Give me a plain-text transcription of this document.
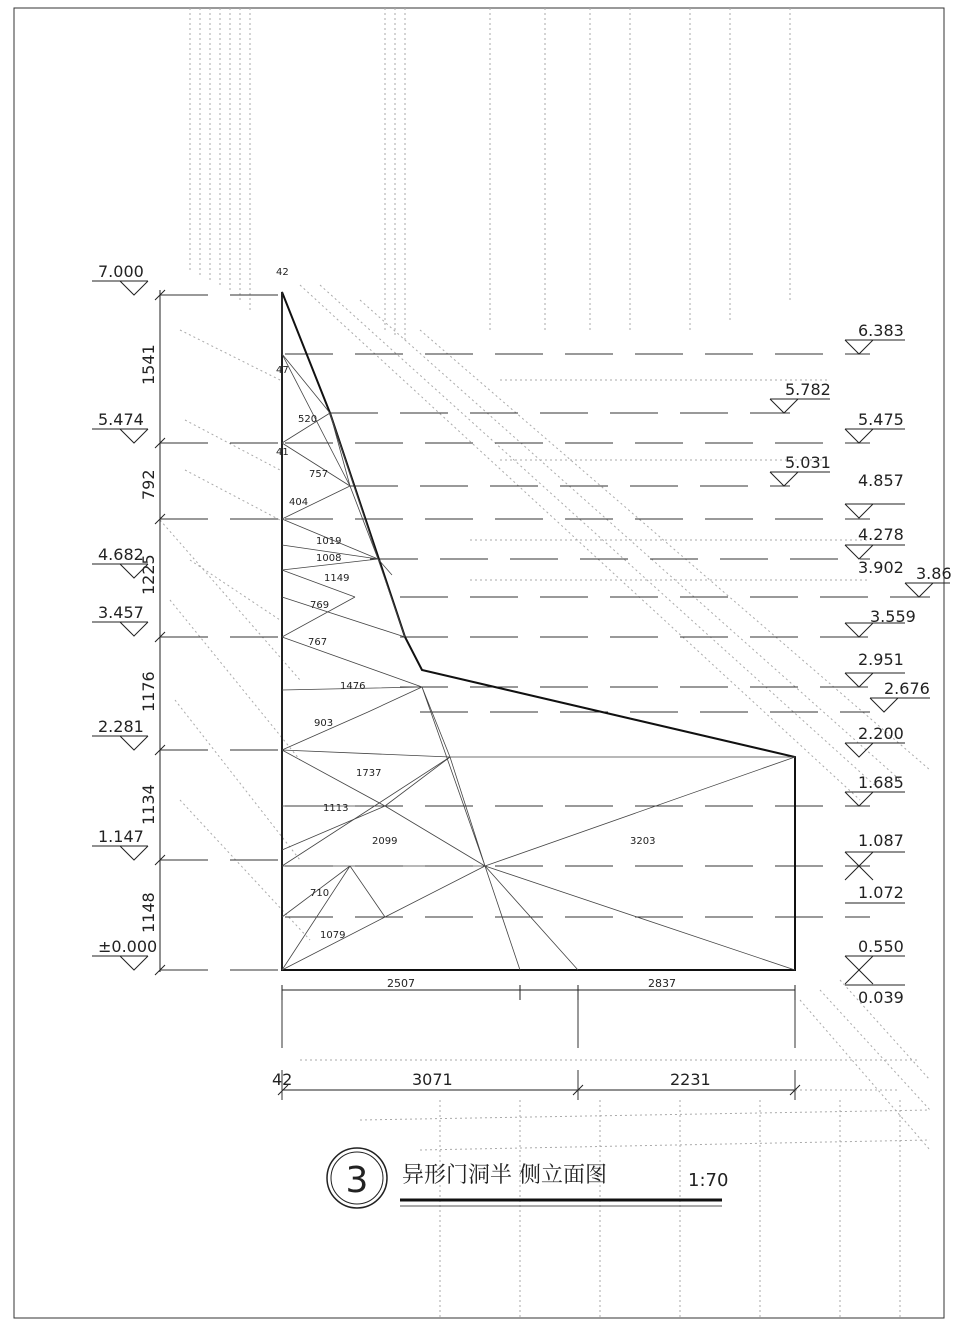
7.000
5.474
4.682
3.457
2.281
1.147
±0.000
6.383
5.782
5.475
5.031
4.857
4.278
3.902 3.86
3.559
2.951
2.676
2.200
1.685
1.087
1.072
0.550
0.039
1541
792
1225
1176
1134
1148
2507	2837
42	3071	2231
42
47
520
41
757
404
1019
1008
1149
769
767
1476
903
1737
1113
2099	3203
710
1079
3 异形门洞半 侧立面图	1:70
